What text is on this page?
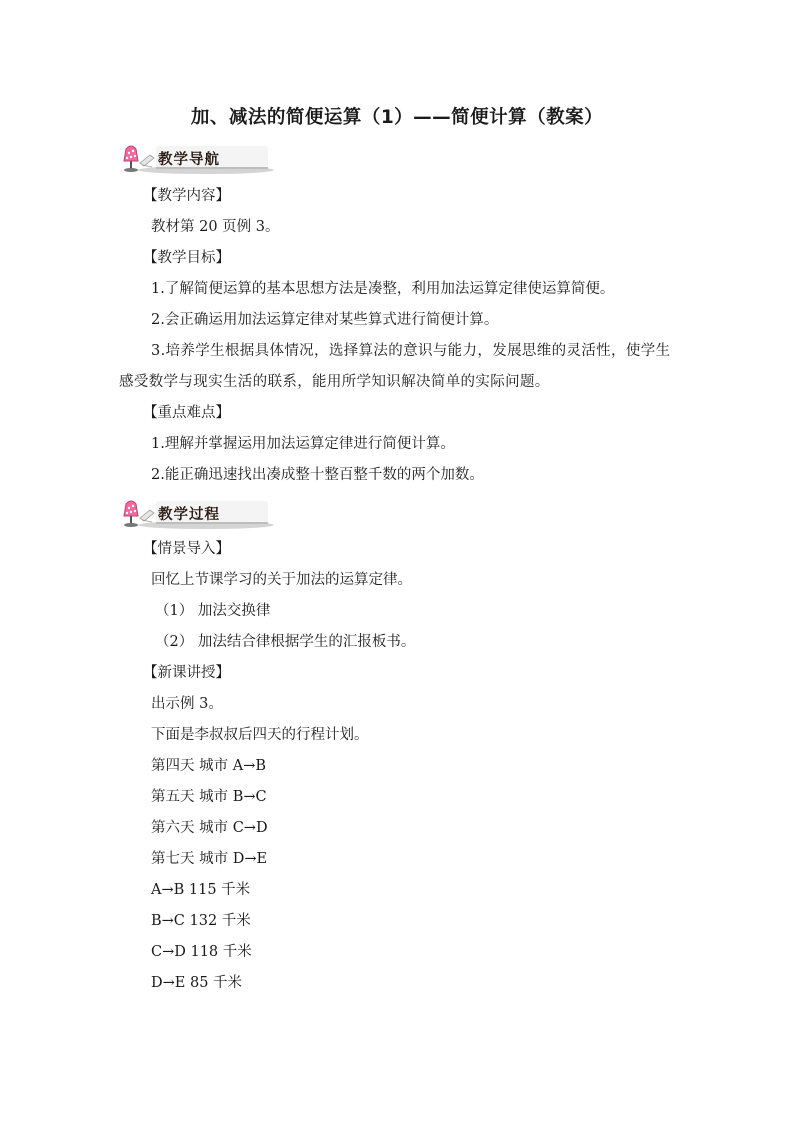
加、减法的简便运算（1）——简便计算（教案）
教学导航
【教学内容】
教材第 20 页例 3。
【教学目标】
1.了解简便运算的基本思想方法是凑整，利用加法运算定律使运算简便。
2.会正确运用加法运算定律对某些算式进行简便计算。
3.培养学生根据具体情况，选择算法的意识与能力，发展思维的灵活性，使学生感受数学与现实生活的联系，能用所学知识解决简单的实际问题。
【重点难点】
1.理解并掌握运用加法运算定律进行简便计算。
2.能正确迅速找出凑成整十整百整千数的两个加数。
教学过程
【情景导入】
回忆上节课学习的关于加法的运算定律。
（1） 加法交换律
（2） 加法结合律根据学生的汇报板书。
【新课讲授】
出示例 3。
下面是李叔叔后四天的行程计划。
第四天 城市 A→B
第五天 城市 B→C
第六天 城市 C→D
第七天 城市 D→E
A→B 115 千米
B→C 132 千米
C→D 118 千米
D→E 85 千米
